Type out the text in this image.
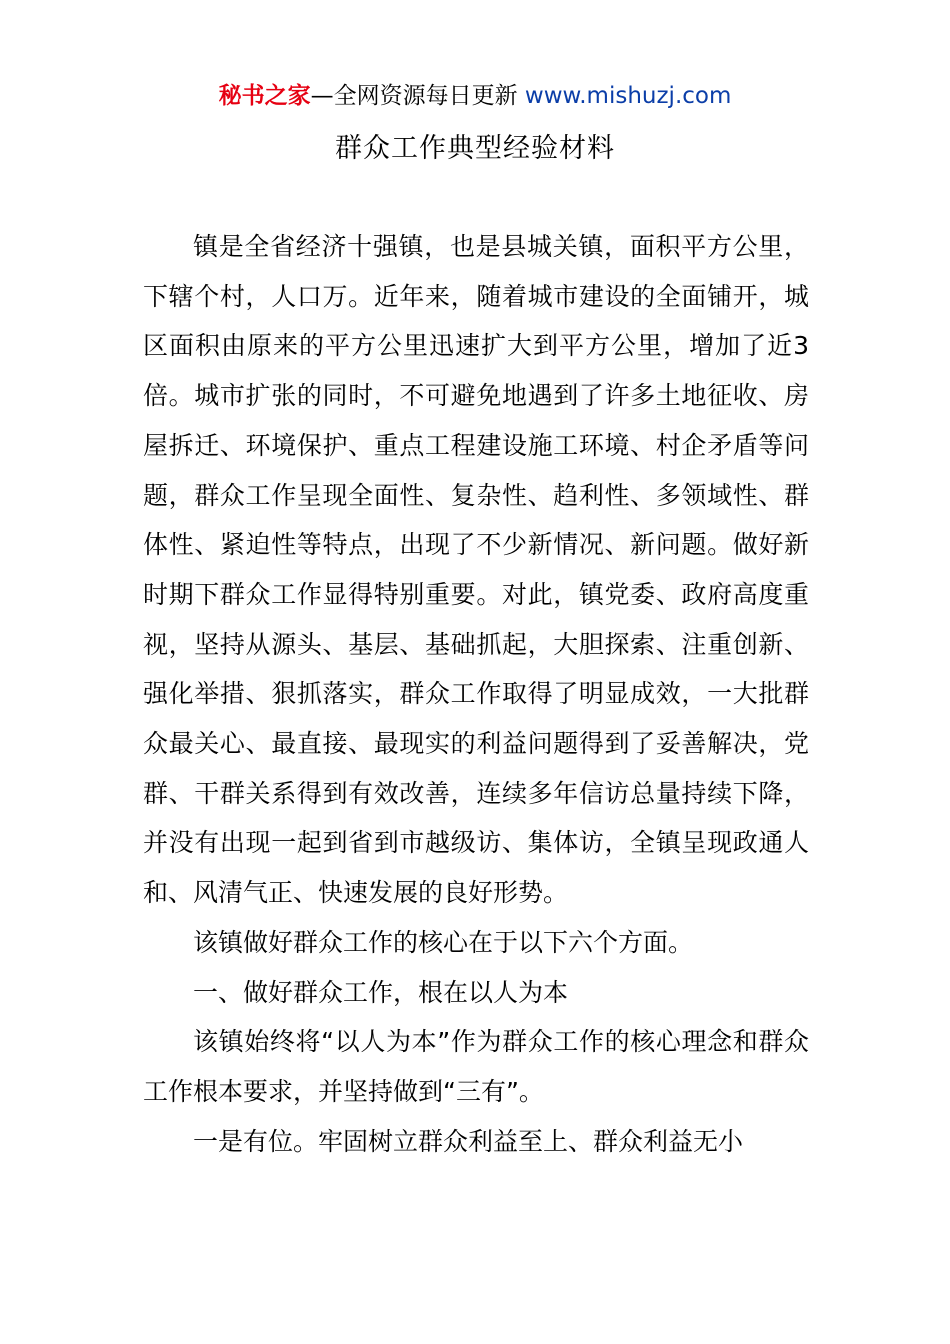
秘书之家—全网资源每日更新 www.mishuzj.com
群众工作典型经验材料

镇是全省经济十强镇，也是县城关镇，面积平方公里，下辖个村，人口万。近年来，随着城市建设的全面铺开，城区面积由原来的平方公里迅速扩大到平方公里，增加了近3倍。城市扩张的同时，不可避免地遇到了许多土地征收、房屋拆迁、环境保护、重点工程建设施工环境、村企矛盾等问题，群众工作呈现全面性、复杂性、趋利性、多领域性、群体性、紧迫性等特点，出现了不少新情况、新问题。做好新时期下群众工作显得特别重要。对此，镇党委、政府高度重视，坚持从源头、基层、基础抓起，大胆探索、注重创新、强化举措、狠抓落实，群众工作取得了明显成效，一大批群众最关心、最直接、最现实的利益问题得到了妥善解决，党群、干群关系得到有效改善，连续多年信访总量持续下降，并没有出现一起到省到市越级访、集体访，全镇呈现政通人和、风清气正、快速发展的良好形势。

该镇做好群众工作的核心在于以下六个方面。

一、做好群众工作，根在以人为本

该镇始终将“以人为本”作为群众工作的核心理念和群众工作根本要求，并坚持做到“三有”。

一是有位。牢固树立群众利益至上、群众利益无小
